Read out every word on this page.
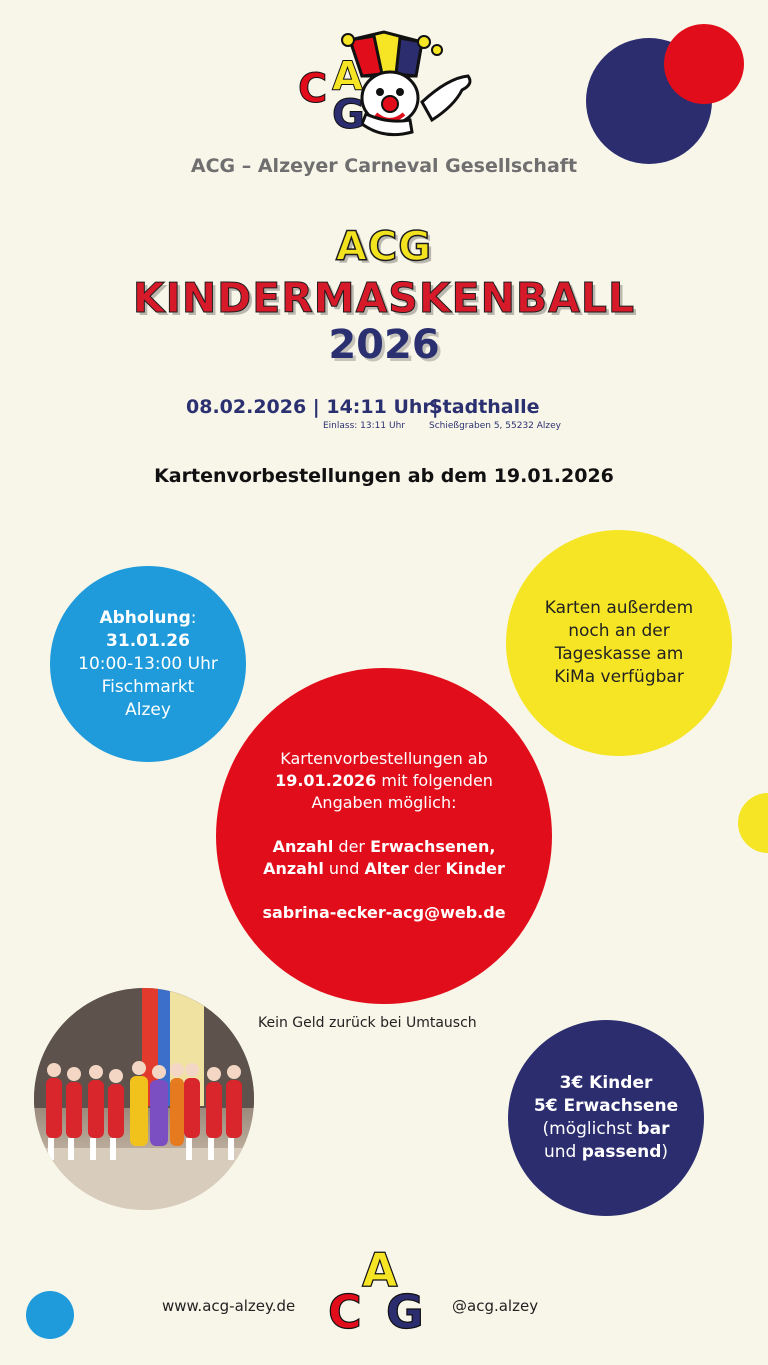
C A
G
ACG – Alzeyer Carneval Gesellschaft
ACG
KINDERMASKENBALL
2026
08.02.2026 | 14:11 Uhr|
Einlass: 13:11 Uhr
Stadthalle
Schießgraben 5, 55232 Alzey
Kartenvorbestellungen ab dem 19.01.2026
Abholung:
31.01.26
10:00-13:00 Uhr
Fischmarkt
Alzey
Karten außerdem
noch an der
Tageskasse am
KiMa verfügbar
Kartenvorbestellungen ab
19.01.2026 mit folgenden
Angaben möglich:
Anzahl der Erwachsenen,
Anzahl und Alter der Kinder
sabrina-ecker-acg@web.de
Kein Geld zurück bei Umtausch
3€ Kinder
5€ Erwachsene
(möglichst bar
und passend)
www.acg-alzey.de
A
C G @acg.alzey
